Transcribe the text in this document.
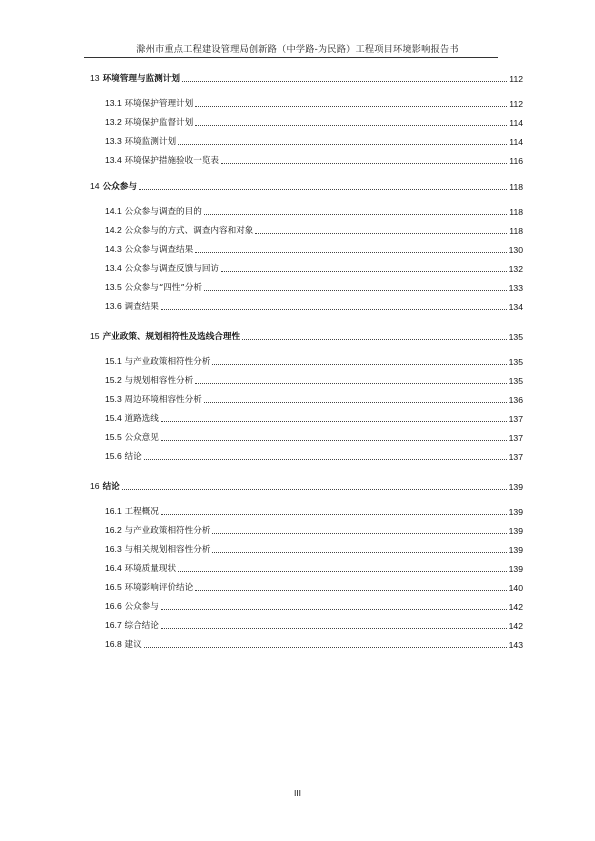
滁州市重点工程建设管理局创新路（中学路-为民路）工程项目环境影响报告书
13 环境管理与监测计划	112
13.1 环境保护管理计划	112
13.2 环境保护监督计划	114
13.3 环境监测计划	114
13.4 环境保护措施验收一览表	116
14 公众参与	118
14.1 公众参与调查的目的	118
14.2 公众参与的方式、调查内容和对象	118
14.3 公众参与调查结果	130
13.4 公众参与调查反馈与回访	132
13.5 公众参与“四性”分析	133
13.6 调查结果	134
15 产业政策、规划相符性及选线合理性	135
15.1 与产业政策相符性分析	135
15.2 与规划相容性分析	135
15.3 周边环境相容性分析	136
15.4 道路选线	137
15.5 公众意见	137
15.6 结论	137
16 结论	139
16.1 工程概况	139
16.2 与产业政策相符性分析	139
16.3 与相关规划相容性分析	139
16.4 环境质量现状	139
16.5 环境影响评价结论	140
16.6 公众参与	142
16.7 综合结论	142
16.8 建议	143
III
